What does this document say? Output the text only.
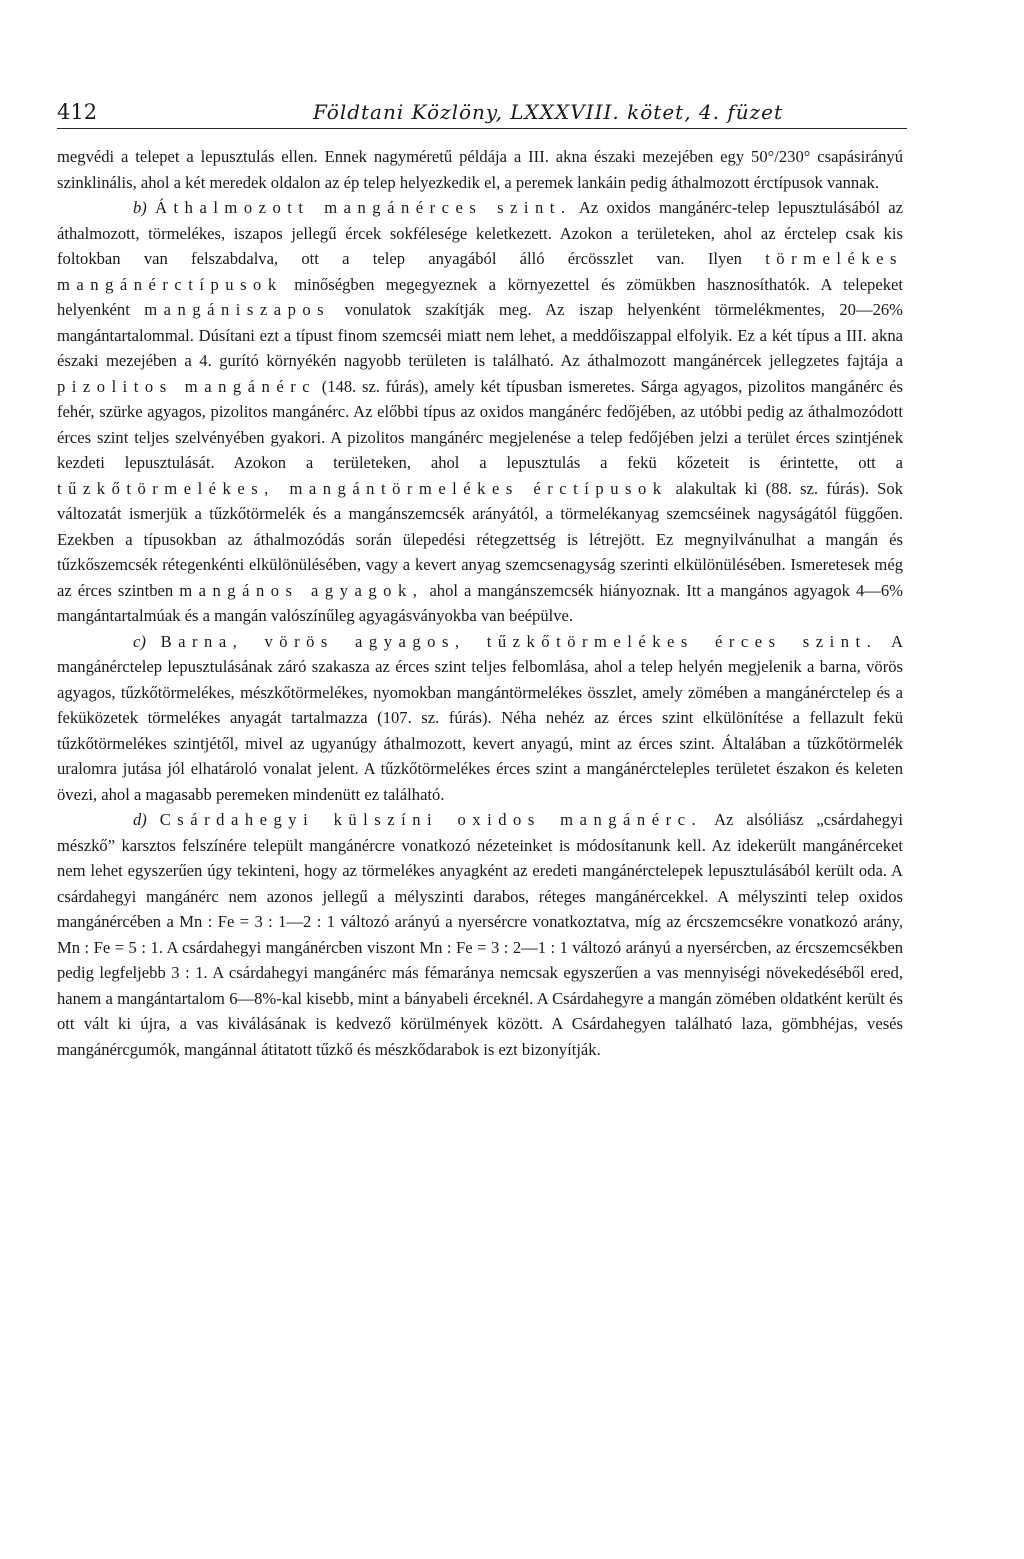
412	Földtani Közlöny, LXXXVIII. kötet, 4. füzet

megvédi a telepet a lepusztulás ellen. Ennek nagyméretű példája a III. akna északi mezejében egy 50°/230° csapásirányú szinklinális, ahol a két meredek oldalon az ép telep helyezkedik el, a peremek lankáin pedig áthalmozott érctípusok vannak.

b) Áthalmozott mangánérces szint. Az oxidos mangánérc-telep lepusztulásából az áthalmozott, törmelékes, iszapos jellegű ércek sokfélesége keletkezett. Azokon a területeken, ahol az érctelep csak kis foltokban van felszabdalva, ott a telep anyagából álló ércösszlet van. Ilyen törmelékes mangánérctípusok minőségben megegyeznek a környezettel és zömükben hasznosíthatók. A telepeket helyenként mangániszapos vonulatok szakítják meg. Az iszap helyenként törmelékmentes, 20—26% mangántartalommal. Dúsítani ezt a típust finom szemcséi miatt nem lehet, a meddőiszappal elfolyik. Ez a két típus a III. akna északi mezejében a 4. gurító környékén nagyobb területen is található. Az áthalmozott mangánércek jellegzetes fajtája a pizolitos mangánérc (148. sz. fúrás), amely két típusban ismeretes. Sárga agyagos, pizolitos mangánérc és fehér, szürke agyagos, pizolitos mangánérc. Az előbbi típus az oxidos mangánérc fedőjében, az utóbbi pedig az áthalmozódott érces szint teljes szelvényében gyakori. A pizolitos mangánérc megjelenése a telep fedőjében jelzi a terület érces szintjének kezdeti lepusztulását. Azokon a területeken, ahol a lepusztulás a fekü kőzeteit is érintette, ott a tűzkőtörmelékes, mangántörmelékes érctípusok alakultak ki (88. sz. fúrás). Sok változatát ismerjük a tűzkőtörmelék és a mangánszemcsék arányától, a törmelékanyag szemcséinek nagyságától függően. Ezekben a típusokban az áthalmozódás során ülepedési rétegzettség is létrejött. Ez megnyilvánulhat a mangán és tűzkőszemcsék rétegenkénti elkülönülésében, vagy a kevert anyag szemcsenagyság szerinti elkülönülésében. Ismeretesek még az érces szintben mangános agyagok, ahol a mangánszemcsék hiányoznak. Itt a mangános agyagok 4—6% mangántartalmúak és a mangán valószínűleg agyagásványokba van beépülve.

c) Barna, vörös agyagos, tűzkőtörmelékes érces szint. A mangánérctelep lepusztulásának záró szakasza az érces szint teljes felbomlása, ahol a telep helyén megjelenik a barna, vörös agyagos, tűzkőtörmelékes, mészkőtörmelékes, nyomokban mangántörmelékes összlet, amely zömében a mangánérctelep és a feküközetek törmelékes anyagát tartalmazza (107. sz. fúrás). Néha nehéz az érces szint elkülönítése a fellazult fekü tűzkőtörmelékes szintjétől, mivel az ugyanúgy áthalmozott, kevert anyagú, mint az érces szint. Általában a tűzkőtörmelék uralomra jutása jól elhatároló vonalat jelent. A tűzkőtörmelékes érces szint a mangánércteleples területet északon és keleten övezi, ahol a magasabb peremeken mindenütt ez található.

d) Csárdahegyi külszíni oxidos mangánérc. Az alsóliász „csárdahegyi mészkő” karsztos felszínére települt mangánércre vonatkozó nézeteinket is módosítanunk kell. Az idekerült mangánérceket nem lehet egyszerűen úgy tekinteni, hogy az törmelékes anyagként az eredeti mangánérctelepek lepusztulásából került oda. A csárdahegyi mangánérc nem azonos jellegű a mélyszinti darabos, réteges mangánércekkel. A mélyszinti telep oxidos mangánércében a Mn : Fe = 3 : 1—2 : 1 változó arányú a nyersércre vonatkoztatva, míg az ércszemcsékre vonatkozó arány, Mn : Fe = 5 : 1. A csárdahegyi mangánércben viszont Mn : Fe = 3 : 2—1 : 1 változó arányú a nyersércben, az ércszemcsékben pedig legfeljebb 3 : 1. A csárdahegyi mangánérc más fémaránya nemcsak egyszerűen a vas mennyiségi növekedéséből ered, hanem a mangántartalom 6—8%-kal kisebb, mint a bányabeli érceknél. A Csárdahegyre a mangán zömében oldatként került és ott vált ki újra, a vas kiválásának is kedvező körülmények között. A Csárdahegyen található laza, gömbhéjas, vesés mangánércgumók, mangánnal átitatott tűzkő és mészkődarabok is ezt bizonyítják.
